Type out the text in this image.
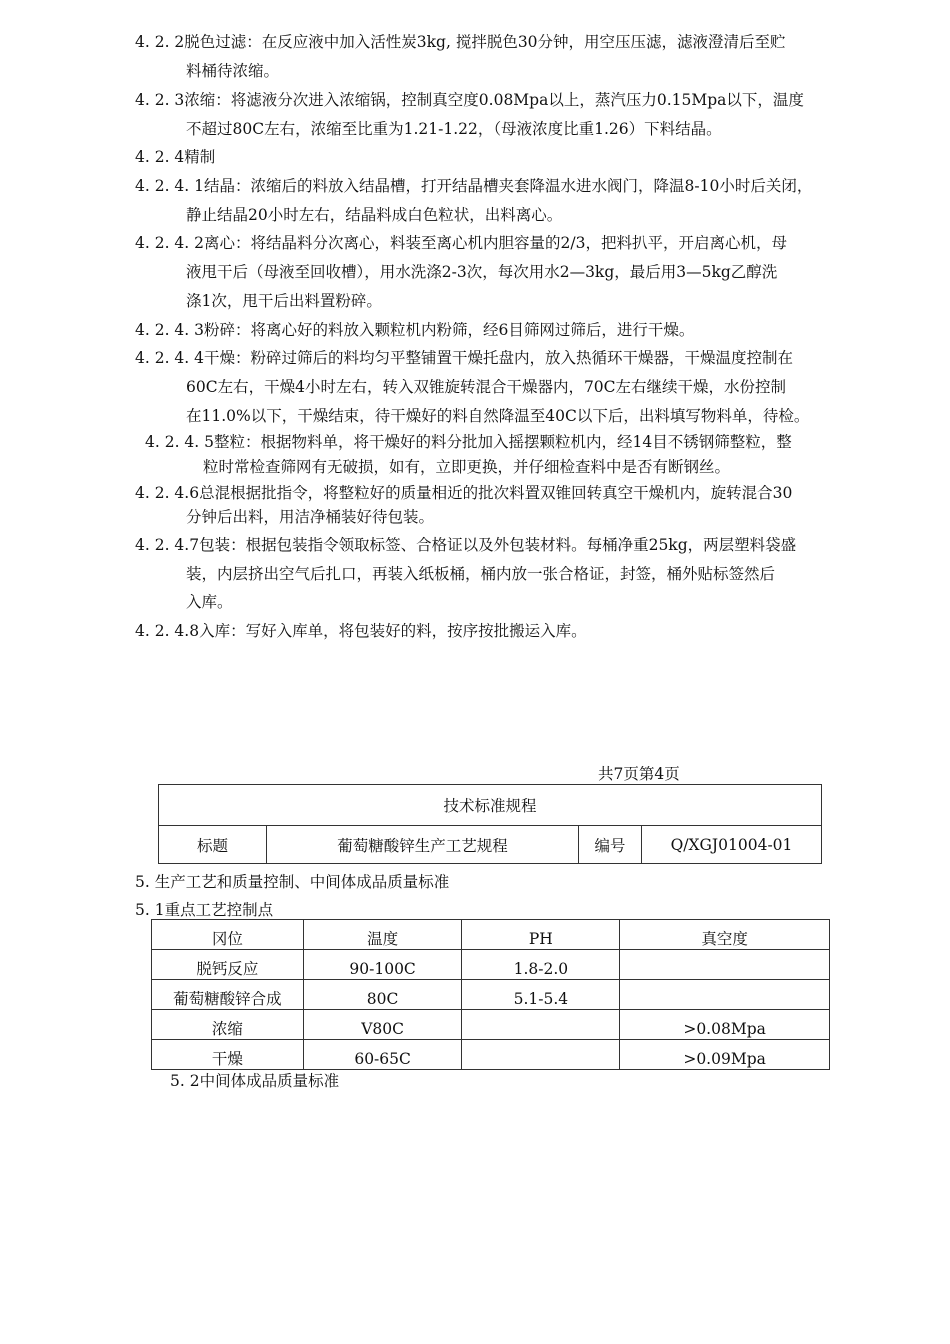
4. 2. 2脱色过滤：在反应液中加入活性炭3kg, 搅拌脱色30分钟，用空压压滤，滤液澄清后至贮
料桶待浓缩。
4. 2. 3浓缩：将滤液分次进入浓缩锅，控制真空度0.08Mpa以上，蒸汽压力0.15Mpa以下，温度
不超过80C左右，浓缩至比重为1.21-1.22，（母液浓度比重1.26）下料结晶。
4. 2. 4精制
4. 2. 4. 1结晶：浓缩后的料放入结晶槽，打开结晶槽夹套降温水进水阀门，降温8-10小时后关闭，
静止结晶20小时左右，结晶料成白色粒状，出料离心。
4. 2. 4. 2离心：将结晶料分次离心，料装至离心机内胆容量的2/3，把料扒平，开启离心机，母
液甩干后（母液至回收槽），用水洗涤2-3次，每次用水2—3kg，最后用3—5kg乙醇洗
涤1次，甩干后出料置粉碎。
4. 2. 4. 3粉碎：将离心好的料放入颗粒机内粉筛，经6目筛网过筛后，进行干燥。
4. 2. 4. 4干燥：粉碎过筛后的料均匀平整铺置干燥托盘内，放入热循环干燥器，干燥温度控制在
60C左右，干燥4小时左右，转入双锥旋转混合干燥器内，70C左右继续干燥，水份控制
在11.0%以下，干燥结束，待干燥好的料自然降温至40C以下后，出料填写物料单，待检。
4. 2. 4. 5整粒：根据物料单，将干燥好的料分批加入摇摆颗粒机内，经14目不锈钢筛整粒，整
粒时常检查筛网有无破损，如有，立即更换，并仔细检查料中是否有断钢丝。
4. 2. 4.6总混根据批指令，将整粒好的质量相近的批次料置双锥回转真空干燥机内，旋转混合30
分钟后出料，用洁净桶装好待包装。
4. 2. 4.7包装：根据包装指令领取标签、合格证以及外包装材料。每桶净重25kg，两层塑料袋盛
装，内层挤出空气后扎口，再装入纸板桶，桶内放一张合格证，封签，桶外贴标签然后
入库。
4. 2. 4.8入库：写好入库单，将包装好的料，按序按批搬运入库。
共7页第4页
技术标准规程
标题	葡萄糖酸锌生产工艺规程	编号	Q/XGJ01004-01
5. 生产工艺和质量控制、中间体成品质量标准
5. 1重点工艺控制点
冈位	温度	PH	真空度
脱钙反应	90-100C	1.8-2.0	
葡萄糖酸锌合成	80C	5.1-5.4	
浓缩	V80C		>0.08Mpa
干燥	60-65C		>0.09Mpa
5. 2中间体成品质量标准
